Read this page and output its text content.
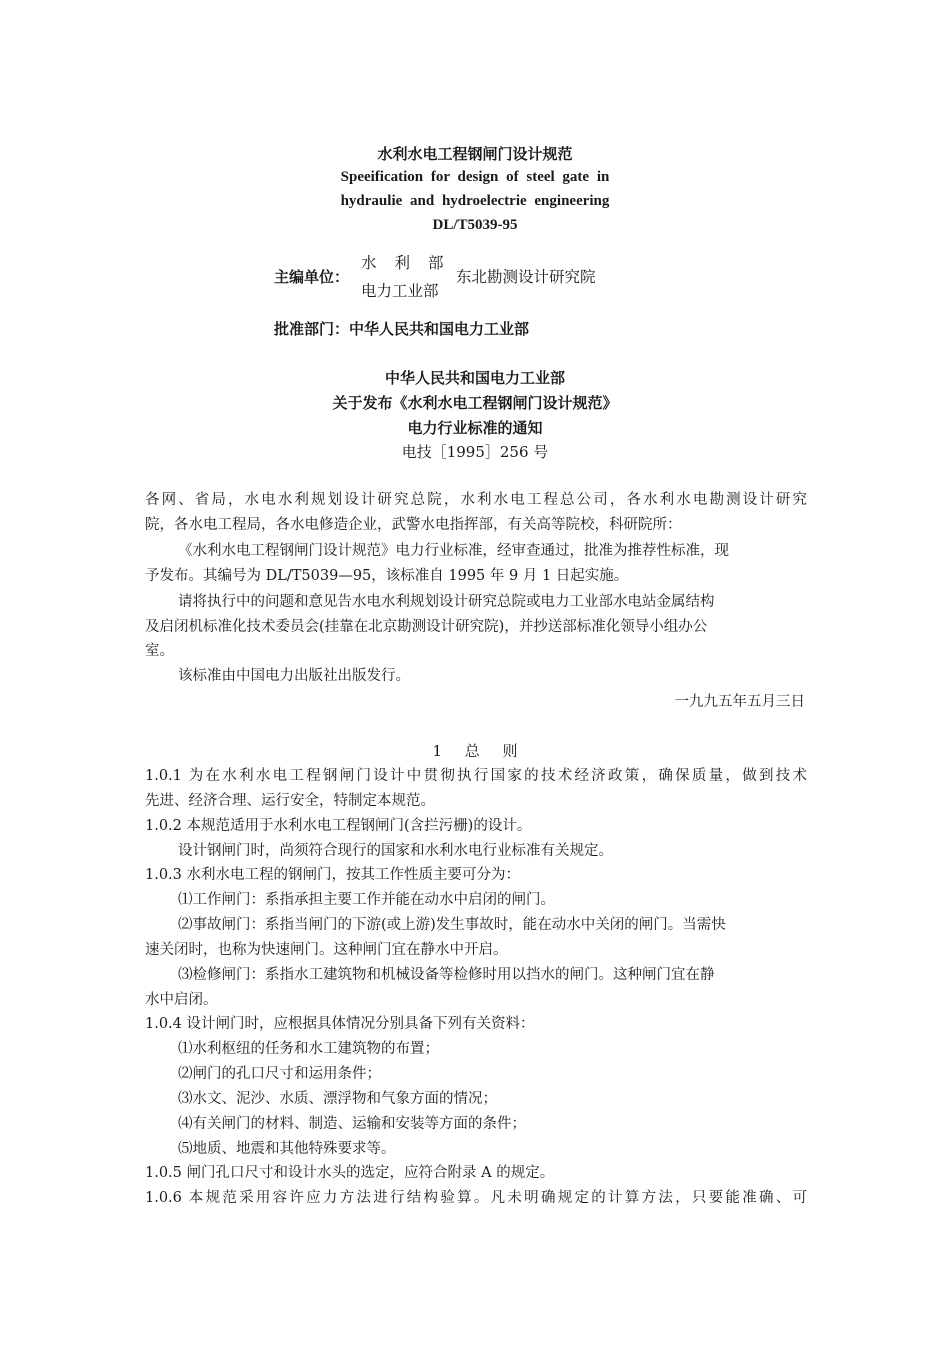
水利水电工程钢闸门设计规范
Speeification for design of steel gate in
hydraulie and hydroelectrie engineering
DL/T5039-95
主编单位：
水利部
电力工业部
东北勘测设计研究院
批准部门：中华人民共和国电力工业部
中华人民共和国电力工业部
关于发布《水利水电工程钢闸门设计规范》
电力行业标准的通知
电技［1995］256 号
各网、省局，水电水利规划设计研究总院，水利水电工程总公司，各水利水电勘测设计研究
院，各水电工程局，各水电修造企业，武警水电指挥部，有关高等院校，科研院所：
《水利水电工程钢闸门设计规范》电力行业标准，经审查通过，批准为推荐性标准，现
予发布。其编号为 DL/T5039—95，该标准自 1995 年 9 月 1 日起实施。
请将执行中的问题和意见告水电水利规划设计研究总院或电力工业部水电站金属结构
及启闭机标准化技术委员会(挂靠在北京勘测设计研究院)，并抄送部标准化领导小组办公
室。
该标准由中国电力出版社出版发行。
一九九五年五月三日
1 总 则
1.0.1 为在水利水电工程钢闸门设计中贯彻执行国家的技术经济政策，确保质量，做到技术
先进、经济合理、运行安全，特制定本规范。
1.0.2 本规范适用于水利水电工程钢闸门(含拦污栅)的设计。
设计钢闸门时，尚须符合现行的国家和水利水电行业标准有关规定。
1.0.3 水利水电工程的钢闸门，按其工作性质主要可分为：
⑴工作闸门：系指承担主要工作并能在动水中启闭的闸门。
⑵事故闸门：系指当闸门的下游(或上游)发生事故时，能在动水中关闭的闸门。当需快
速关闭时，也称为快速闸门。这种闸门宜在静水中开启。
⑶检修闸门：系指水工建筑物和机械设备等检修时用以挡水的闸门。这种闸门宜在静
水中启闭。
1.0.4 设计闸门时，应根据具体情况分别具备下列有关资料：
⑴水利枢纽的任务和水工建筑物的布置；
⑵闸门的孔口尺寸和运用条件；
⑶水文、泥沙、水质、漂浮物和气象方面的情况；
⑷有关闸门的材料、制造、运输和安装等方面的条件；
⑸地质、地震和其他特殊要求等。
1.0.5 闸门孔口尺寸和设计水头的选定，应符合附录 A 的规定。
1.0.6 本规范采用容许应力方法进行结构验算。凡未明确规定的计算方法，只要能准确、可
